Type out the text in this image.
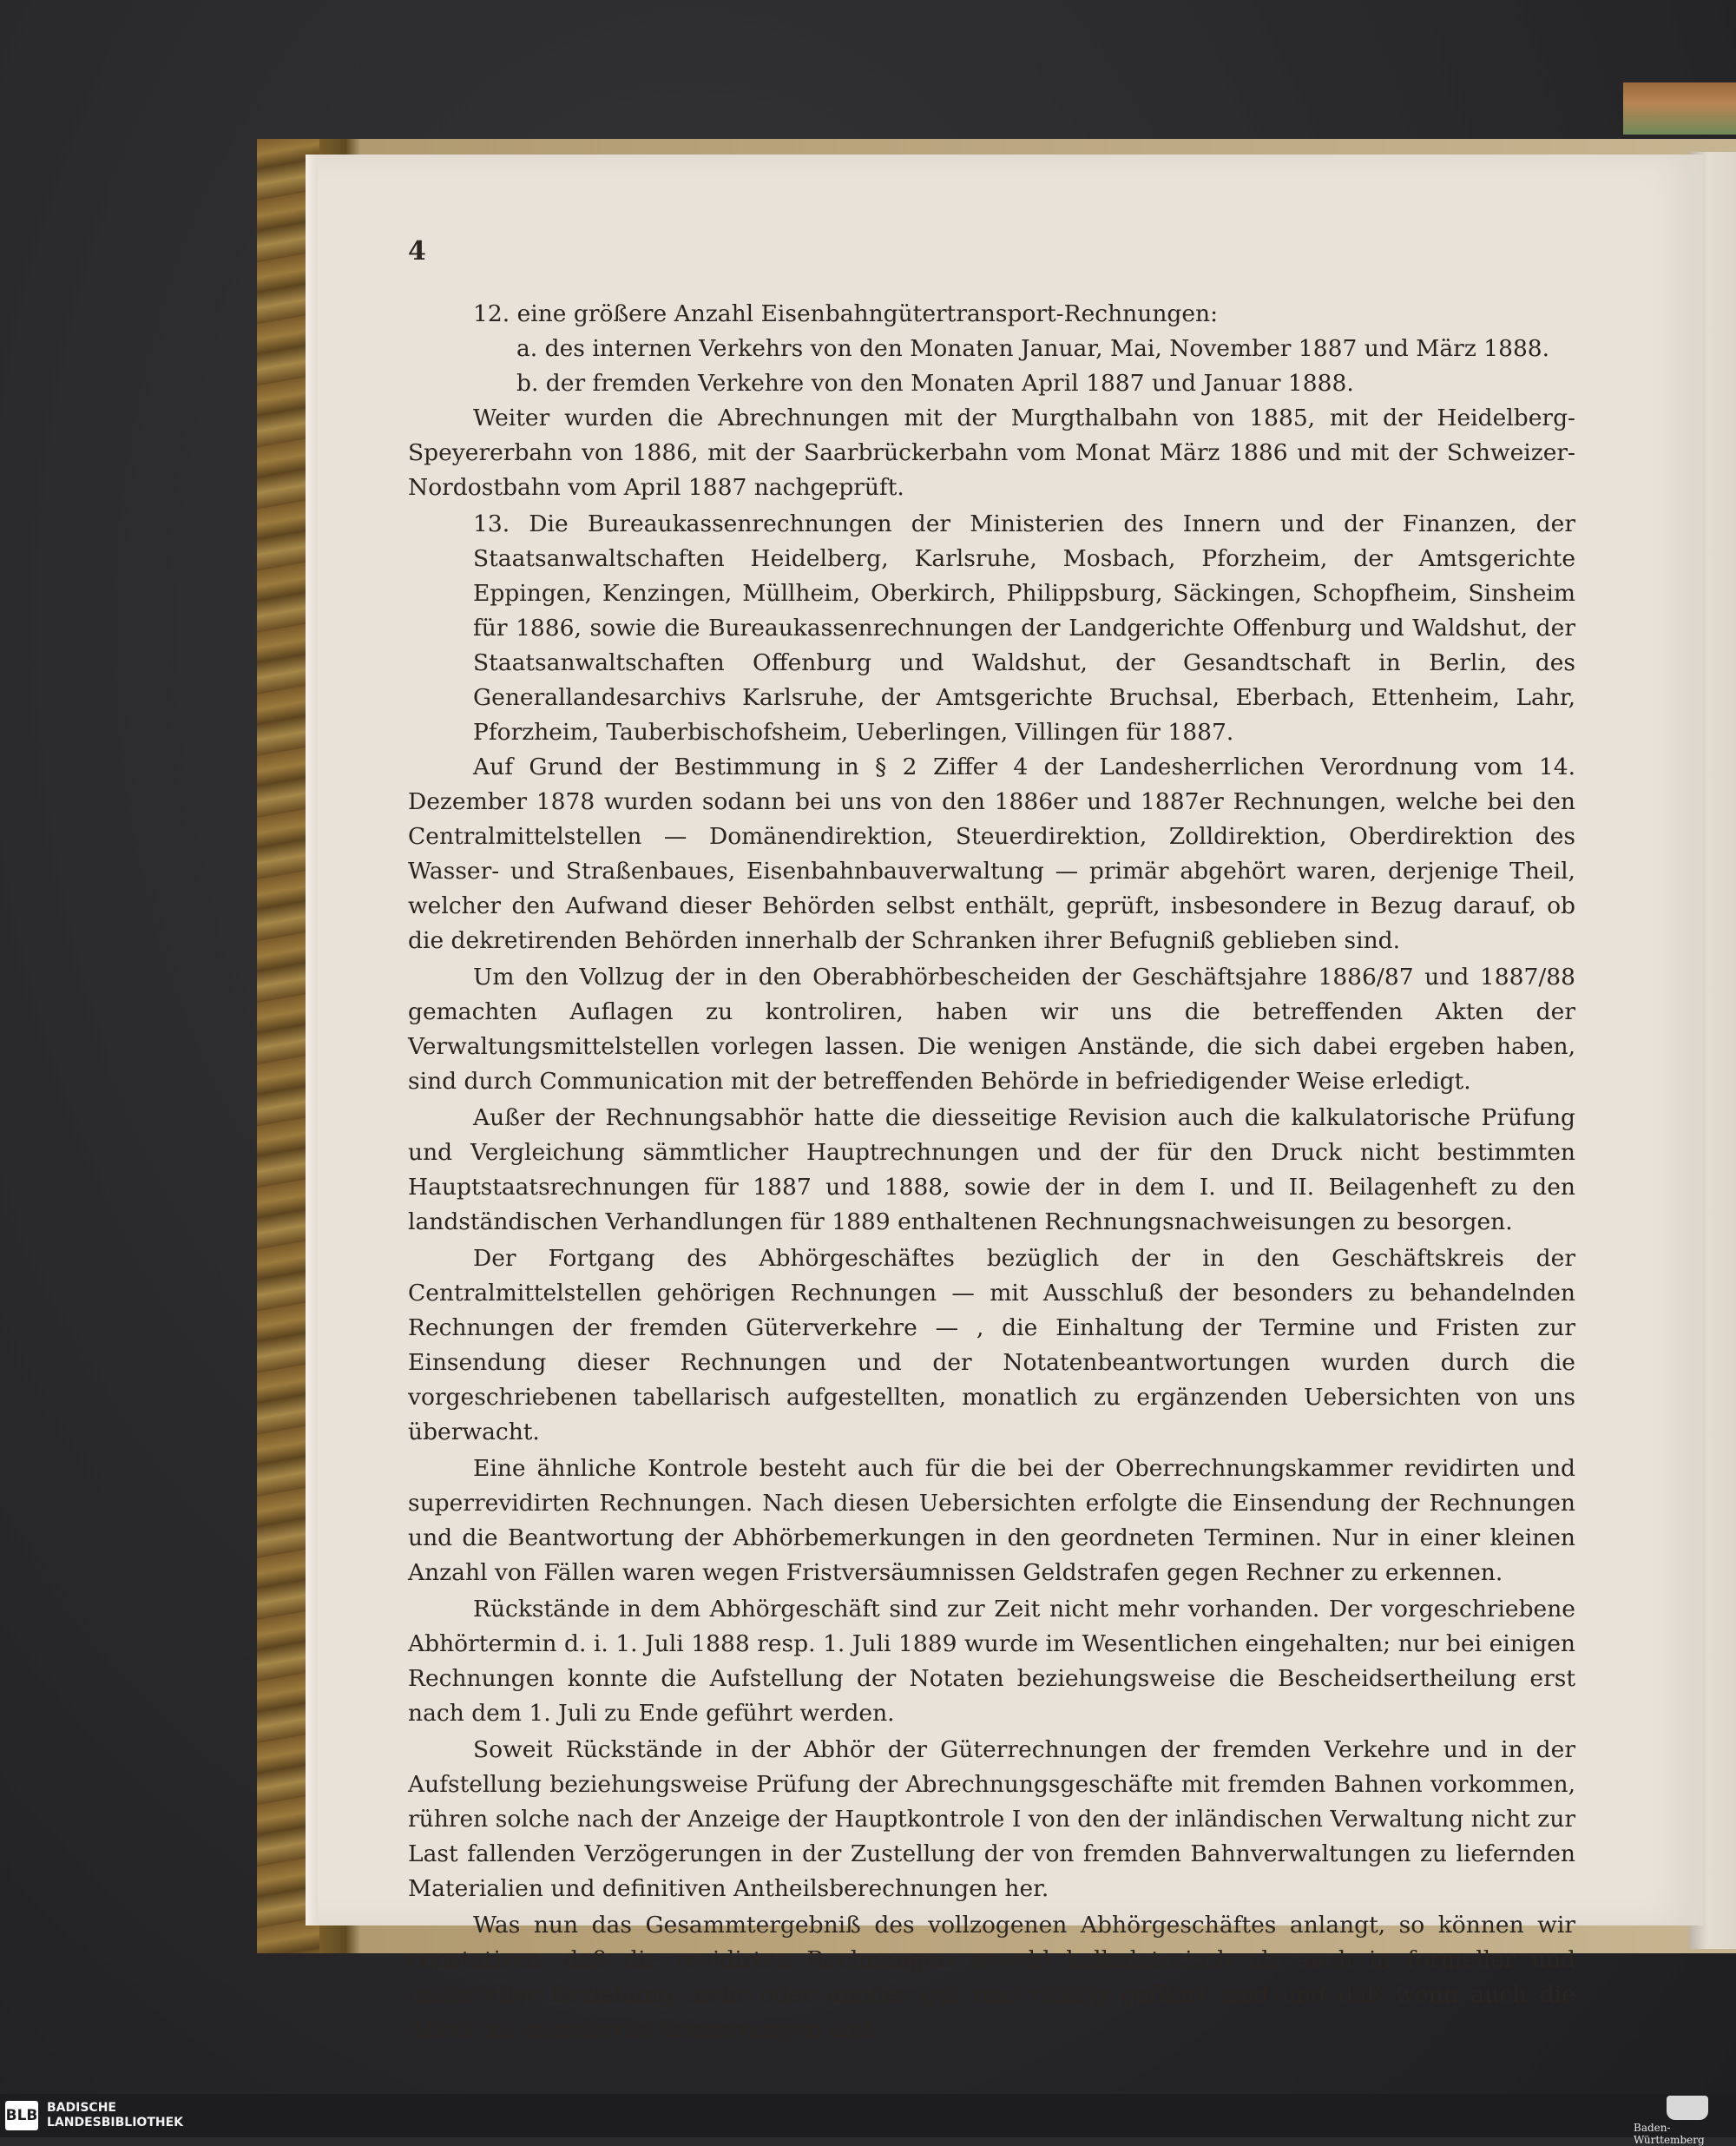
4

12. eine größere Anzahl Eisenbahngütertransport-Rechnungen:

a. des internen Verkehrs von den Monaten Januar, Mai, November 1887 und März 1888.

b. der fremden Verkehre von den Monaten April 1887 und Januar 1888.

Weiter wurden die Abrechnungen mit der Murgthalbahn von 1885, mit der Heidelberg-Speyererbahn von 1886, mit der Saarbrückerbahn vom Monat März 1886 und mit der Schweizer-Nordostbahn vom April 1887 nachgeprüft.

13. Die Bureaukassenrechnungen der Ministerien des Innern und der Finanzen, der Staatsanwaltschaften Heidelberg, Karlsruhe, Mosbach, Pforzheim, der Amtsgerichte Eppingen, Kenzingen, Müllheim, Oberkirch, Philippsburg, Säckingen, Schopfheim, Sinsheim für 1886, sowie die Bureaukassenrechnungen der Landgerichte Offenburg und Waldshut, der Staatsanwaltschaften Offenburg und Waldshut, der Gesandtschaft in Berlin, des Generallandesarchivs Karlsruhe, der Amtsgerichte Bruchsal, Eberbach, Ettenheim, Lahr, Pforzheim, Tauberbischofsheim, Ueberlingen, Villingen für 1887.

Auf Grund der Bestimmung in § 2 Ziffer 4 der Landesherrlichen Verordnung vom 14. Dezember 1878 wurden sodann bei uns von den 1886er und 1887er Rechnungen, welche bei den Centralmittelstellen — Domänendirektion, Steuerdirektion, Zolldirektion, Oberdirektion des Wasser- und Straßenbaues, Eisenbahnbauverwaltung — primär abgehört waren, derjenige Theil, welcher den Aufwand dieser Behörden selbst enthält, geprüft, insbesondere in Bezug darauf, ob die dekretirenden Behörden innerhalb der Schranken ihrer Befugniß geblieben sind.

Um den Vollzug der in den Oberabhörbescheiden der Geschäftsjahre 1886/87 und 1887/88 gemachten Auflagen zu kontroliren, haben wir uns die betreffenden Akten der Verwaltungsmittelstellen vorlegen lassen. Die wenigen Anstände, die sich dabei ergeben haben, sind durch Communication mit der betreffenden Behörde in befriedigender Weise erledigt.

Außer der Rechnungsabhör hatte die diesseitige Revision auch die kalkulatorische Prüfung und Vergleichung sämmtlicher Hauptrechnungen und der für den Druck nicht bestimmten Hauptstaatsrechnungen für 1887 und 1888, sowie der in dem I. und II. Beilagenheft zu den landständischen Verhandlungen für 1889 enthaltenen Rechnungsnachweisungen zu besorgen.

Der Fortgang des Abhörgeschäftes bezüglich der in den Geschäftskreis der Centralmittelstellen gehörigen Rechnungen — mit Ausschluß der besonders zu behandelnden Rechnungen der fremden Güterverkehre — , die Einhaltung der Termine und Fristen zur Einsendung dieser Rechnungen und der Notatenbeantwortungen wurden durch die vorgeschriebenen tabellarisch aufgestellten, monatlich zu ergänzenden Uebersichten von uns überwacht.

Eine ähnliche Kontrole besteht auch für die bei der Oberrechnungskammer revidirten und superrevidirten Rechnungen. Nach diesen Uebersichten erfolgte die Einsendung der Rechnungen und die Beantwortung der Abhörbemerkungen in den geordneten Terminen. Nur in einer kleinen Anzahl von Fällen waren wegen Fristversäumnissen Geldstrafen gegen Rechner zu erkennen.

Rückstände in dem Abhörgeschäft sind zur Zeit nicht mehr vorhanden. Der vorgeschriebene Abhörtermin d. i. 1. Juli 1888 resp. 1. Juli 1889 wurde im Wesentlichen eingehalten; nur bei einigen Rechnungen konnte die Aufstellung der Notaten beziehungsweise die Bescheidsertheilung erst nach dem 1. Juli zu Ende geführt werden.

Soweit Rückstände in der Abhör der Güterrechnungen der fremden Verkehre und in der Aufstellung beziehungsweise Prüfung der Abrechnungsgeschäfte mit fremden Bahnen vorkommen, rühren solche nach der Anzeige der Hauptkontrole I von den der inländischen Verwaltung nicht zur Last fallenden Verzögerungen in der Zustellung der von fremden Bahnverwaltungen zu liefernden Materialien und definitiven Antheilsberechnungen her.

Was nun das Gesammtergebniß des vollzogenen Abhörgeschäftes anlangt, so können wir constatiren, daß die revidirten Rechnungen sowohl kalkulatorisch als auch in formeller und materieller Beziehung mehr oder minder gut und richtig geführt sind und daß wenn auch die Abhör zu mancherlei Erinnerungen und

BLB BADISCHE
LANDESBIBLIOTHEK	Baden-Württemberg
